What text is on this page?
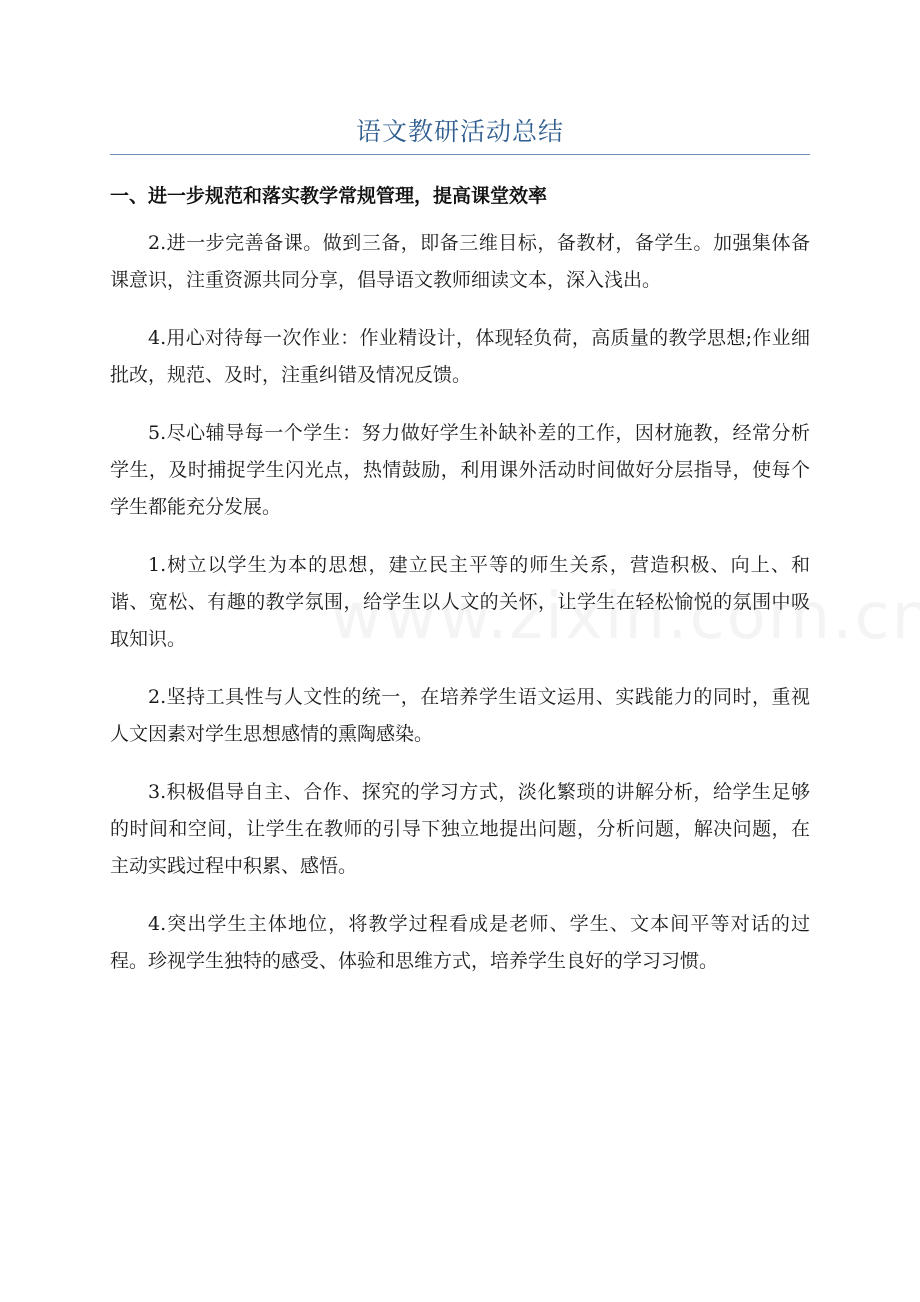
语文教研活动总结
一、进一步规范和落实教学常规管理，提高课堂效率

2.进一步完善备课。做到三备，即备三维目标，备教材，备学生。加强集体备课意识，注重资源共同分享，倡导语文教师细读文本，深入浅出。

4.用心对待每一次作业：作业精设计，体现轻负荷，高质量的教学思想;作业细批改，规范、及时，注重纠错及情况反馈。

5.尽心辅导每一个学生：努力做好学生补缺补差的工作，因材施教，经常分析学生，及时捕捉学生闪光点，热情鼓励，利用课外活动时间做好分层指导，使每个学生都能充分发展。

1.树立以学生为本的思想，建立民主平等的师生关系，营造积极、向上、和谐、宽松、有趣的教学氛围，给学生以人文的关怀，让学生在轻松愉悦的氛围中吸取知识。

2.坚持工具性与人文性的统一，在培养学生语文运用、实践能力的同时，重视人文因素对学生思想感情的熏陶感染。

3.积极倡导自主、合作、探究的学习方式，淡化繁琐的讲解分析，给学生足够的时间和空间，让学生在教师的引导下独立地提出问题，分析问题，解决问题，在主动实践过程中积累、感悟。

4.突出学生主体地位，将教学过程看成是老师、学生、文本间平等对话的过程。珍视学生独特的感受、体验和思维方式，培养学生良好的学习习惯。
